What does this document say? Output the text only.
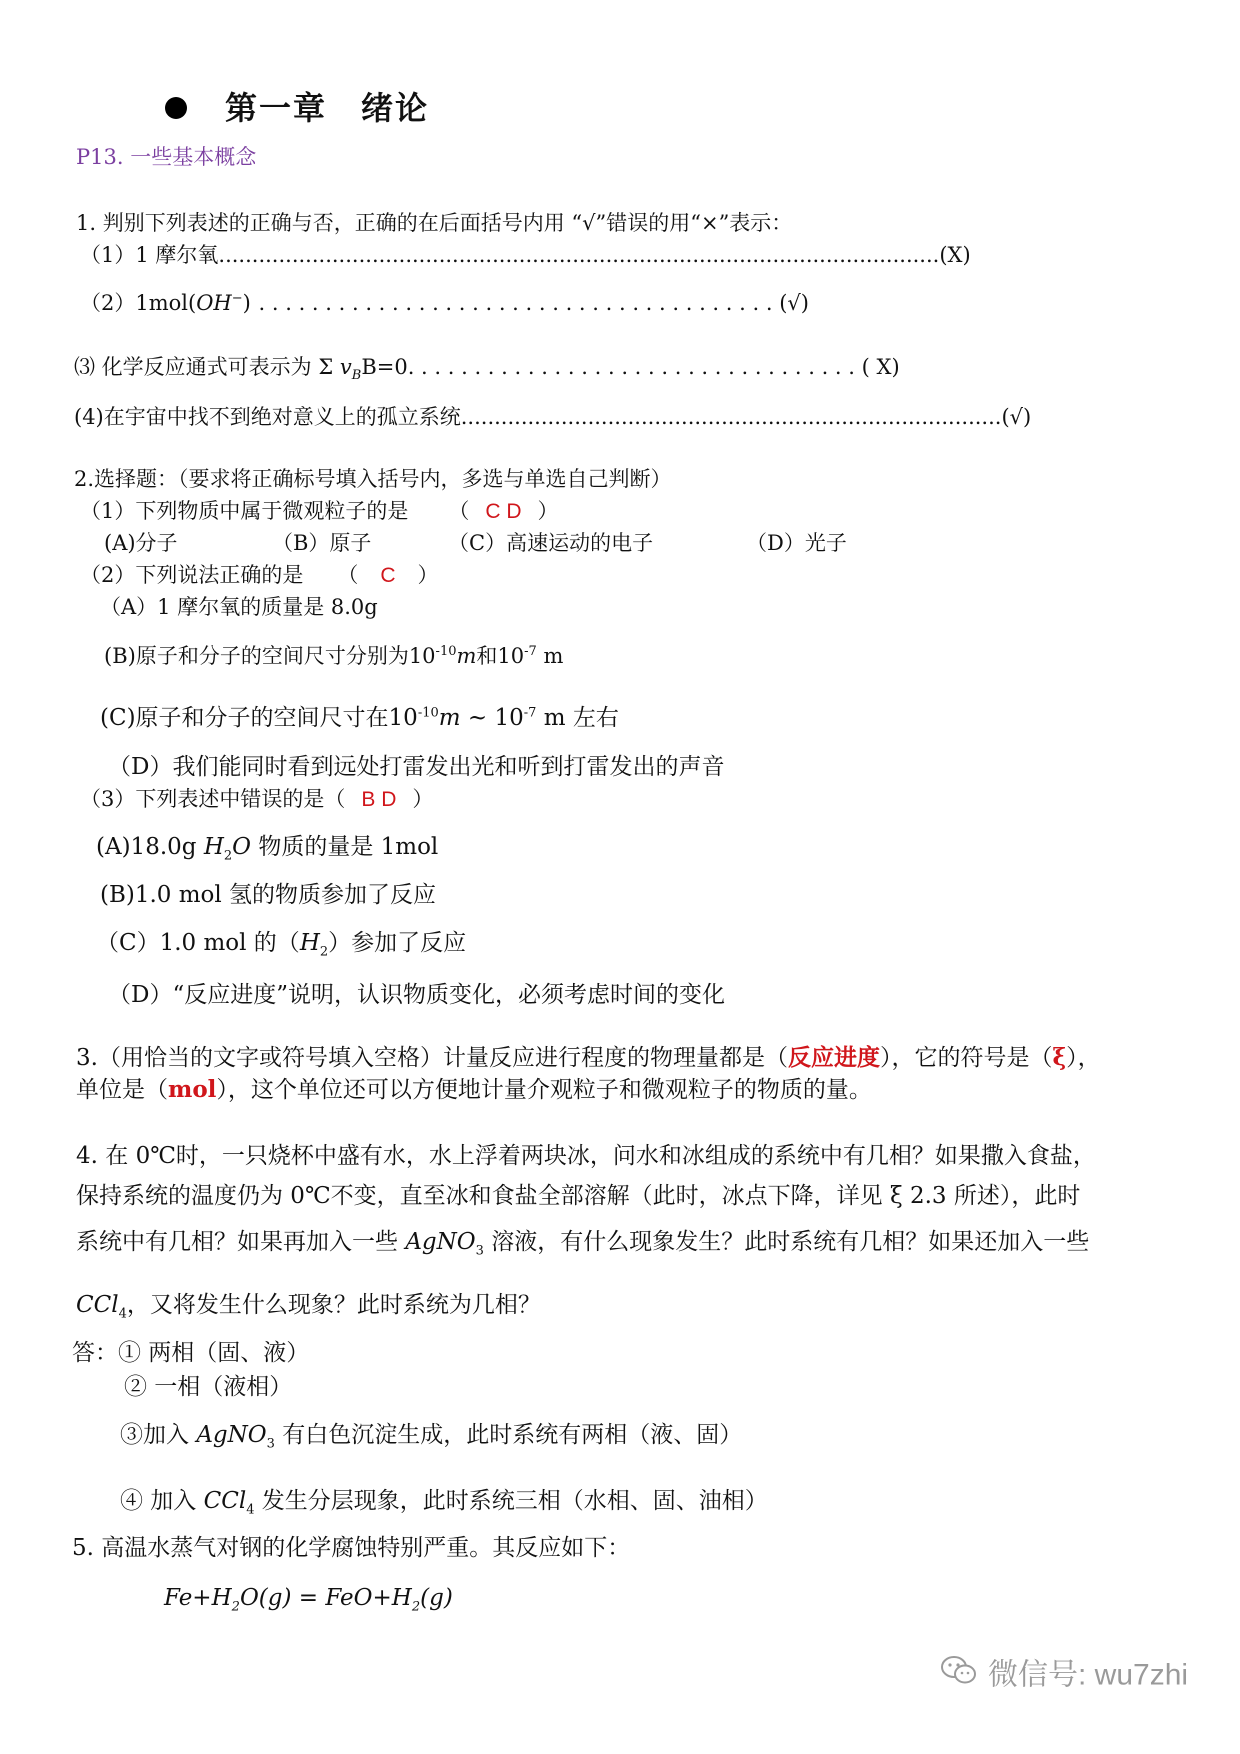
第一章　绪论
P13. 一些基本概念
1. 判别下列表述的正确与否，正确的在后面括号内用 “√”错误的用“×”表示：
（1）1 摩尔氧............................................................................................................(X)
（2）1mol(OH−) . . . . . . . . . . . . . . . . . . . . . . . . . . . . . . . . . . . . . . . (√)
⑶ 化学反应通式可表示为 Σ $v_BB=0$. . . . . . . . . . . . . . . . . . . . . . . . . . . . . . . . . . ( X)
(4)在宇宙中找不到绝对意义上的孤立系统.................................................................................(√)
2.选择题：（要求将正确标号填入括号内，多选与单选自己判断）
（1）下列物质中属于微观粒子的是 （ C D ）
(A)分子	（B）原子	（C）高速运动的电子	（D）光子
（2）下列说法正确的是 （ C ）
（A）1 摩尔氧的质量是 8.0g
(B)原子和分子的空间尺寸分别为$10^{-10}m$和$10^{-7}$ m
(C)原子和分子的空间尺寸在$10^{-10}m$ ~ $10^{-7}$ m 左右
（D）我们能同时看到远处打雷发出光和听到打雷发出的声音
（3）下列表述中错误的是（ B D ）
(A)18.0g $H_2O$ 物质的量是 1mol
(B)1.0 mol 氢的物质参加了反应
（C）1.0 mol 的$(H_2)$参加了反应
（D）“反应进度”说明，认识物质变化，必须考虑时间的变化
3.（用恰当的文字或符号填入空格）计量反应进行程度的物理量都是（反应进度），它的符号是（ξ），
单位是（mol），这个单位还可以方便地计量介观粒子和微观粒子的物质的量。
4. 在 0℃时，一只烧杯中盛有水，水上浮着两块冰，问水和冰组成的系统中有几相？如果撒入食盐，
保持系统的温度仍为 0℃不变，直至冰和食盐全部溶解（此时，冰点下降，详见 ξ 2.3 所述），此时
系统中有几相？如果再加入一些 AgNO$_3$ 溶液，有什么现象发生？此时系统有几相？如果还加入一些
CCl$_4$，又将发生什么现象？此时系统为几相？
答：① 两相（固、液）
② 一相（液相）
③加入 AgNO$_3$ 有白色沉淀生成，此时系统有两相（液、固）
④ 加入 CCl$_4$ 发生分层现象，此时系统三相（水相、固、油相）
5. 高温水蒸气对钢的化学腐蚀特别严重。其反应如下：
$Fe+H_2O(g) = FeO+H_2(g)$
微信号: wu7zhi
